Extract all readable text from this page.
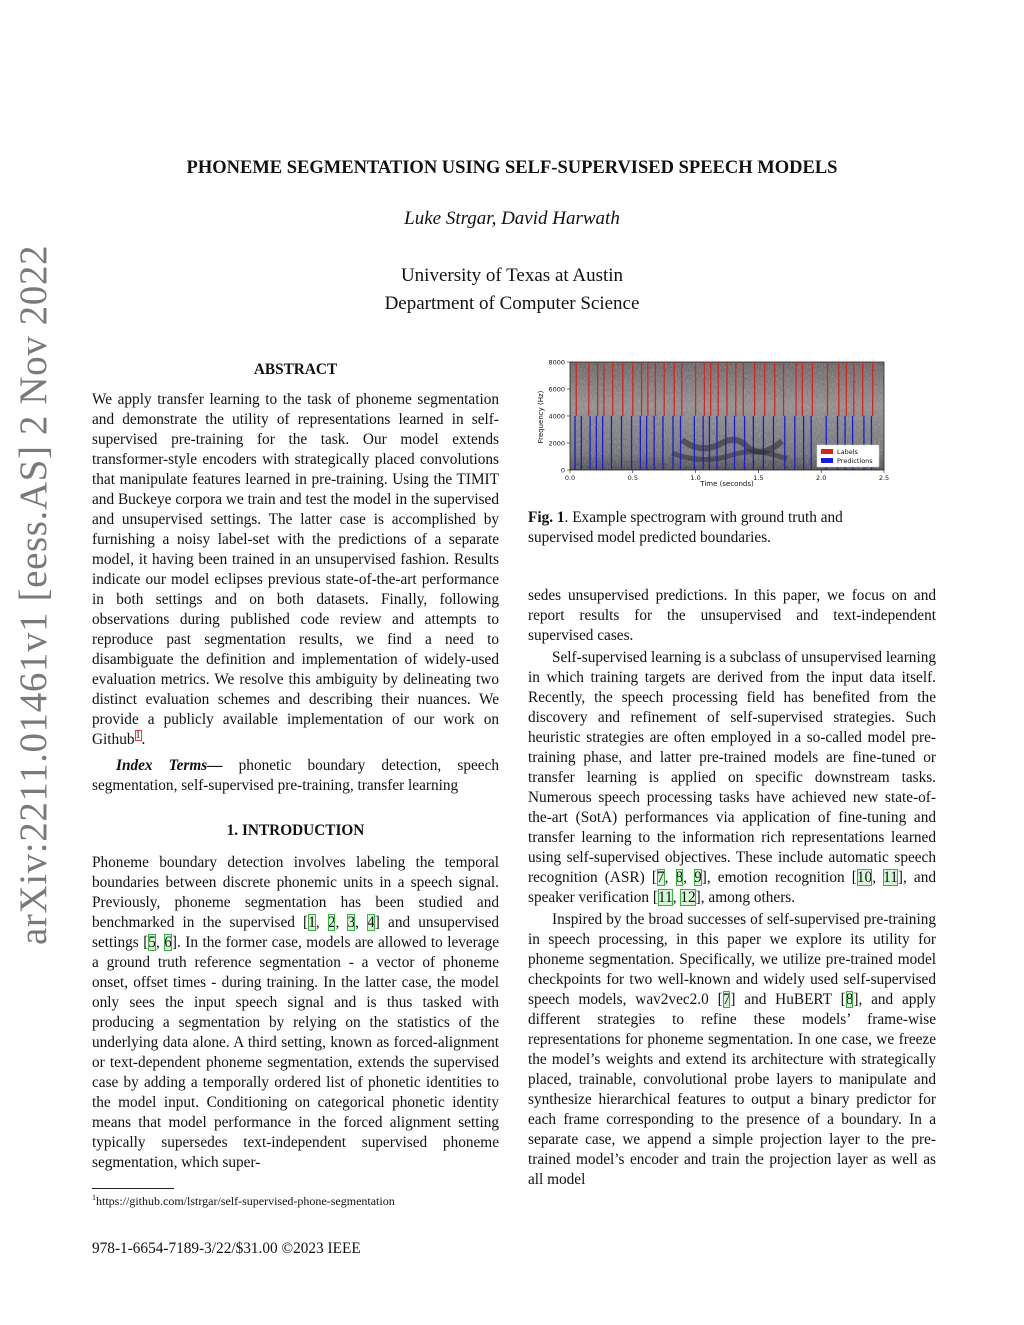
arXiv:2211.01461v1 [eess.AS] 2 Nov 2022
PHONEME SEGMENTATION USING SELF-SUPERVISED SPEECH MODELS
Luke Strgar, David Harwath
University of Texas at Austin
Department of Computer Science
ABSTRACT

We apply transfer learning to the task of phoneme segmentation and demonstrate the utility of representations learned in self-supervised pre-training for the task. Our model extends transformer-style encoders with strategically placed convolutions that manipulate features learned in pre-training. Using the TIMIT and Buckeye corpora we train and test the model in the supervised and unsupervised settings. The latter case is accomplished by furnishing a noisy label-set with the predictions of a separate model, it having been trained in an unsupervised fashion. Results indicate our model eclipses previous state-of-the-art performance in both settings and on both datasets. Finally, following observations during published code review and attempts to reproduce past segmentation results, we find a need to disambiguate the definition and implementation of widely-used evaluation metrics. We resolve this ambiguity by delineating two distinct evaluation schemes and describing their nuances. We provide a publicly available implementation of our work on Github$^1$.

Index Terms— phonetic boundary detection, speech segmentation, self-supervised pre-training, transfer learning

1. INTRODUCTION

Phoneme boundary detection involves labeling the temporal boundaries between discrete phonemic units in a speech signal. Previously, phoneme segmentation has been studied and benchmarked in the supervised [1, 2, 3, 4] and unsupervised settings [5, 6]. In the former case, models are allowed to leverage a ground truth reference segmentation - a vector of phoneme onset, offset times - during training. In the latter case, the model only sees the input speech signal and is thus tasked with producing a segmentation by relying on the statistics of the underlying data alone. A third setting, known as forced-alignment or text-dependent phoneme segmentation, extends the supervised case by adding a temporally ordered list of phonetic identities to the model input. Conditioning on categorical phonetic identity means that model performance in the forced alignment setting typically supersedes text-independent supervised phoneme segmentation, which super-

$^1$https://github.com/lstrgar/self-supervised-phone-segmentation
978-1-6654-7189-3/22/$31.00 ©2023 IEEE
0.0	0.5	1.0	1.5	2.0	2.5
0
2000
4000
6000
8000
Time (seconds)
Frequency (Hz)
Labels
Predictions
Fig. 1. Example spectrogram with ground truth and supervised model predicted boundaries.

sedes unsupervised predictions. In this paper, we focus on and report results for the unsupervised and text-independent supervised cases.

Self-supervised learning is a subclass of unsupervised learning in which training targets are derived from the input data itself. Recently, the speech processing field has benefited from the discovery and refinement of self-supervised strategies. Such heuristic strategies are often employed in a so-called model pre-training phase, and latter pre-trained models are fine-tuned or transfer learning is applied on specific downstream tasks. Numerous speech processing tasks have achieved new state-of-the-art (SotA) performances via application of fine-tuning and transfer learning to the information rich representations learned using self-supervised objectives. These include automatic speech recognition (ASR) [7, 8, 9], emotion recognition [10, 11], and speaker verification [11, 12], among others.

Inspired by the broad successes of self-supervised pre-training in speech processing, in this paper we explore its utility for phoneme segmentation. Specifically, we utilize pre-trained model checkpoints for two well-known and widely used self-supervised speech models, wav2vec2.0 [7] and HuBERT [8], and apply different strategies to refine these models’ frame-wise representations for phoneme segmentation. In one case, we freeze the model’s weights and extend its architecture with strategically placed, trainable, convolutional probe layers to manipulate and synthesize hierarchical features to output a binary predictor for each frame corresponding to the presence of a boundary. In a separate case, we append a simple projection layer to the pre-trained model’s encoder and train the projection layer as well as all model
